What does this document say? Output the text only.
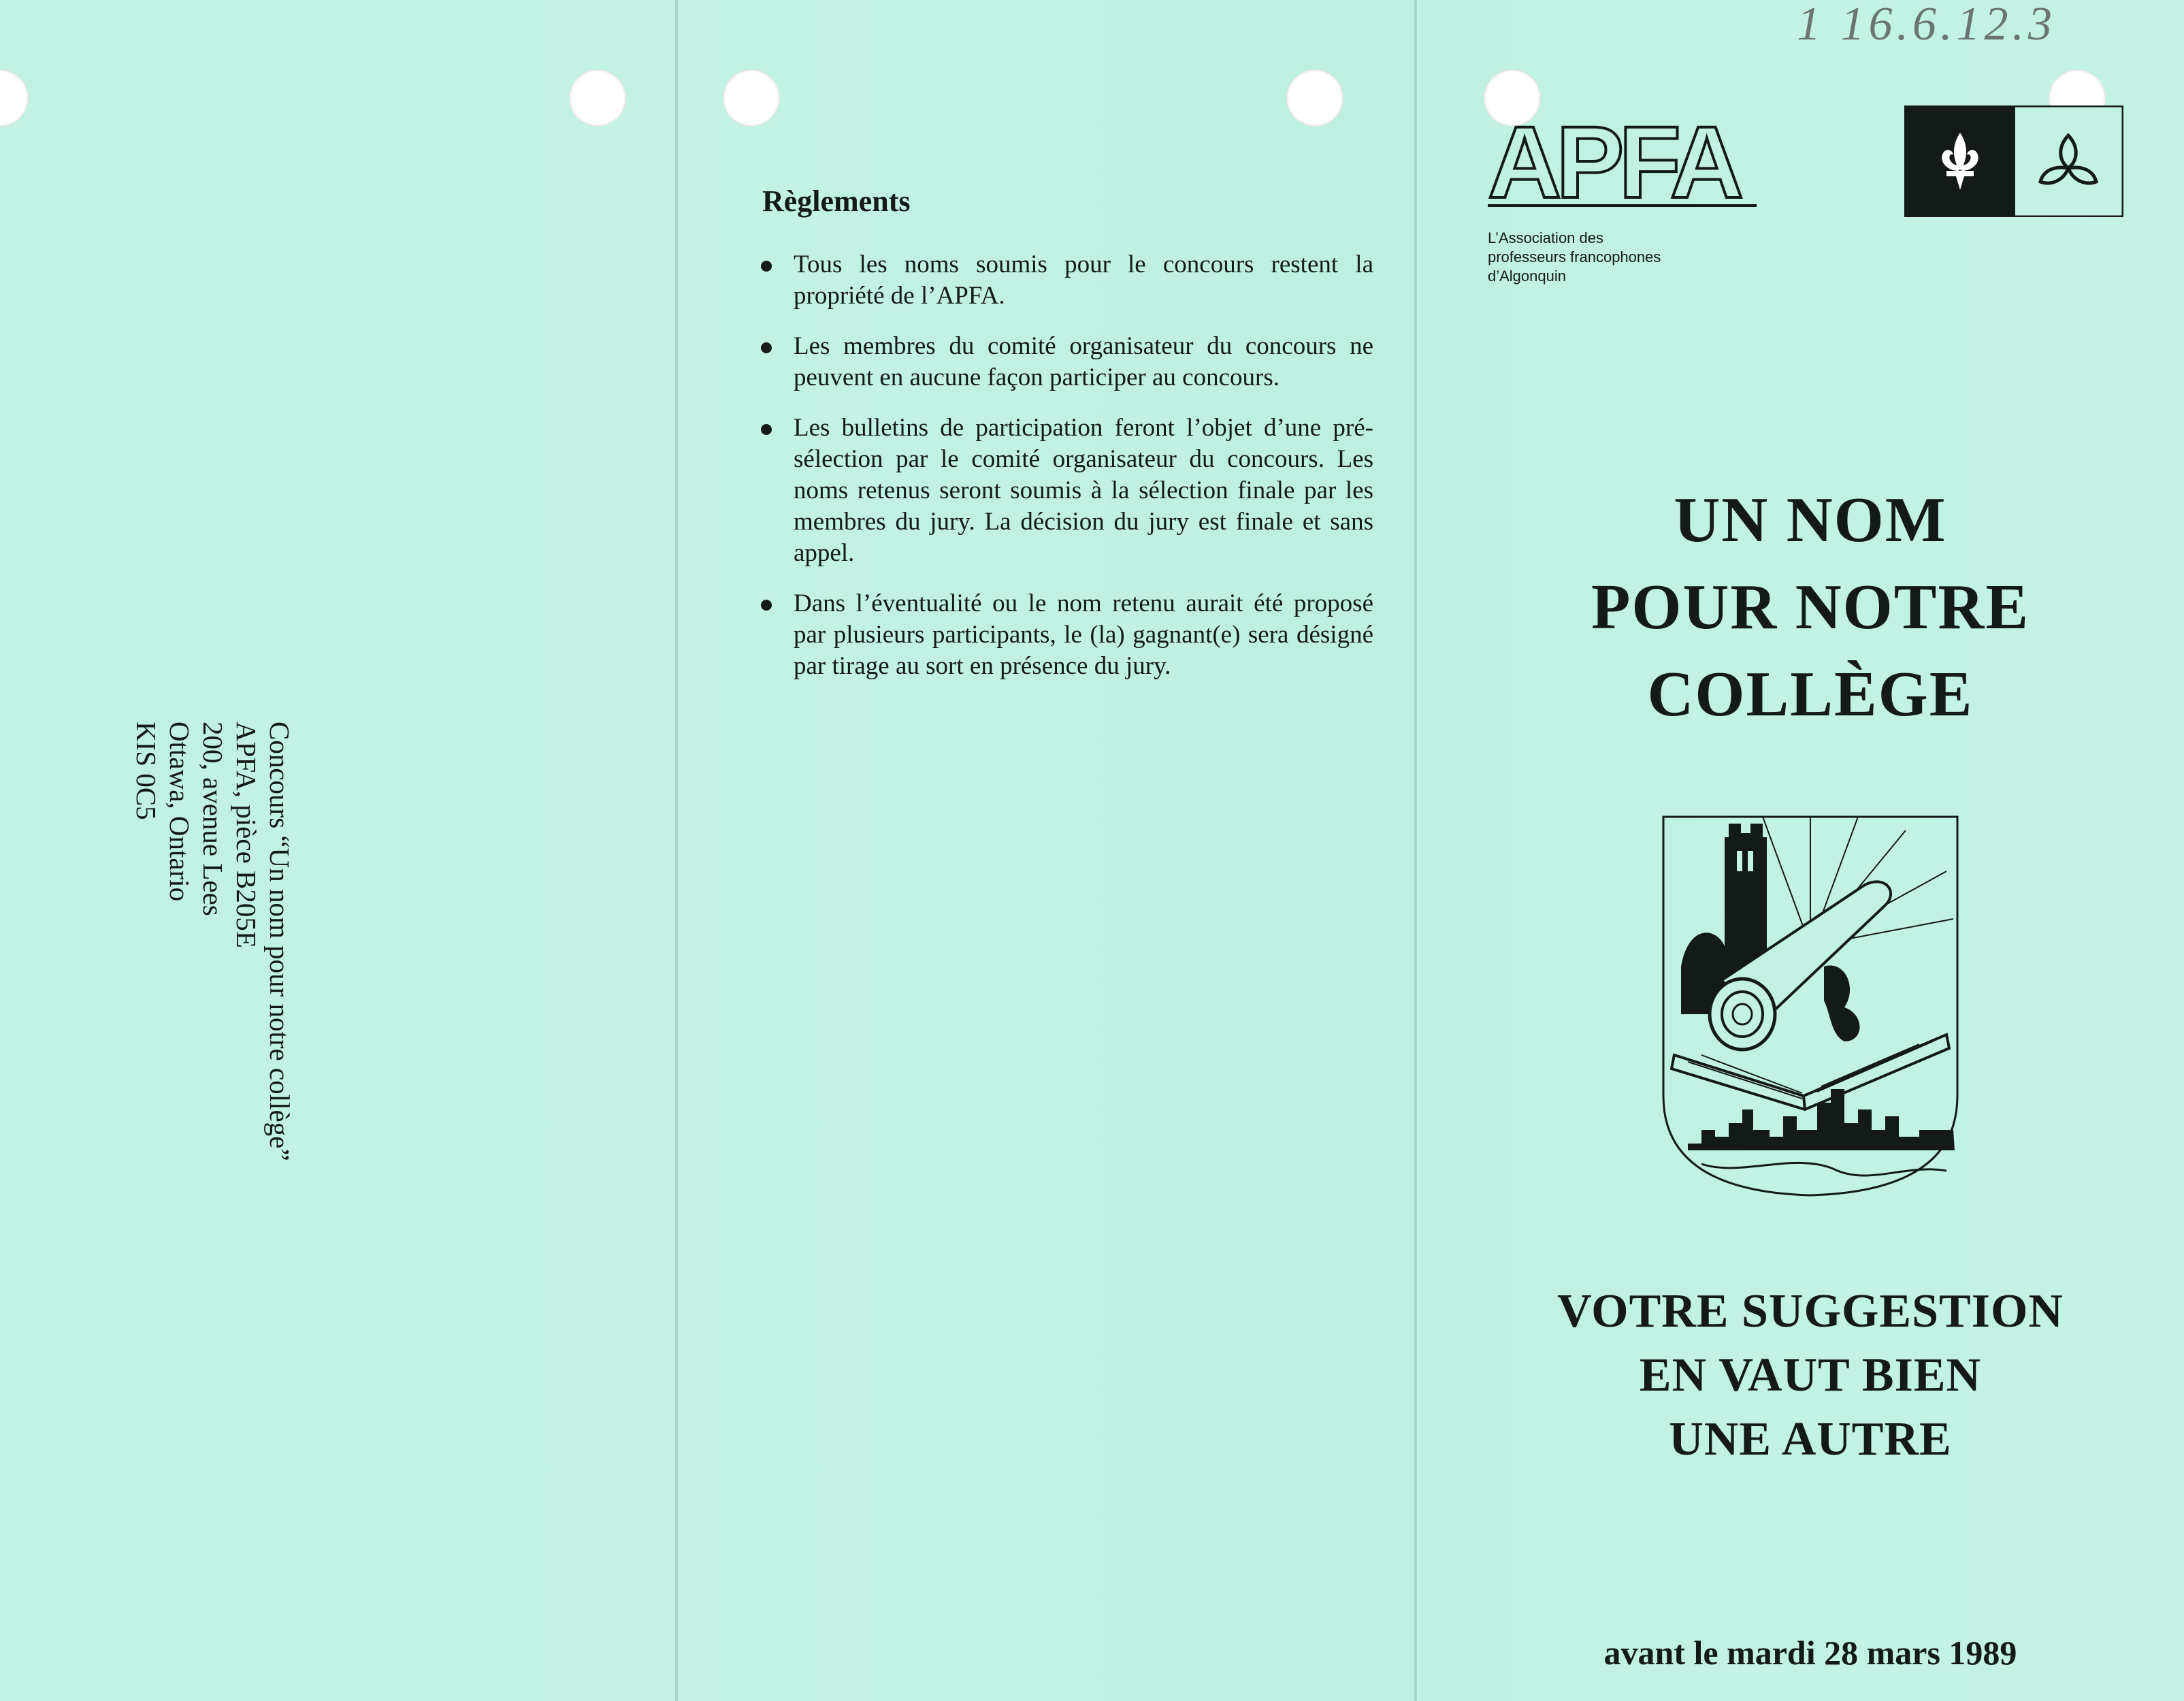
1 16.6.12.3
Concours “Un nom pour notre collège”
APFA, pièce B205E
200, avenue Lees
Ottawa, Ontario
KIS 0C5
Règlements
Tous les noms soumis pour le concours restent la propriété de l’APFA.
Les membres du comité organisateur du concours ne peuvent en aucune façon participer au concours.
Les bulletins de participation feront l’objet d’une pré-sélection par le comité organisateur du concours. Les noms retenus seront soumis à la sélection finale par les membres du jury. La décision du jury est finale et sans appel.
Dans l’éventualité ou le nom retenu aurait été proposé par plusieurs participants, le (la) gagnant(e) sera désigné par tirage au sort en présence du jury.
APFA
L’Association des
professeurs francophones
d’Algonquin
UN NOM
POUR NOTRE
COLLÈGE
VOTRE SUGGESTION
EN VAUT BIEN
UNE AUTRE
avant le mardi 28 mars 1989
